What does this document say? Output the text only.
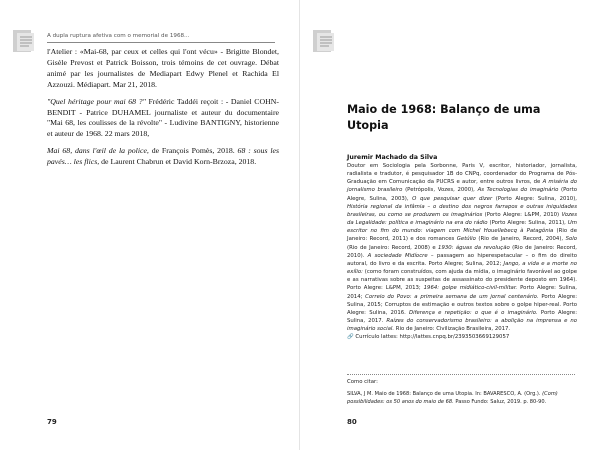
A dupla ruptura afetiva com o memorial de 1968...

l'Atelier : «Mai-68, par ceux et celles qui l'ont vécu» - Brigitte Blondet, Gisèle Prevost et Patrick Boisson, trois témoins de cet ouvrage. Débat animé par les journalistes de Mediapart Edwy Plenel et Rachida El Azzouzi. Médiapart. Mar 21, 2018.

"Quel héritage pour mai 68 ?" Frédéric Taddéi reçoit : - Daniel COHN-BENDIT - Patrice DUHAMEL journaliste et auteur du documentaire "Mai 68, les coulisses de la révolte" - Ludivine BANTIGNY, historienne et auteur de 1968. 22 mars 2018,

Mai 68, dans l'œil de la police, de François Pomès, 2018. 68 : sous les pavés… les flics, de Laurent Chabrun et David Korn-Brzoza, 2018.

79
Maio de 1968: Balanço de uma Utopia
Juremir Machado da Silva
Doutor em Sociologia pela Sorbonne, Paris V, escritor, historiador, jornalista, radialista e tradutor, é pesquisador 1B do CNPq, coordenador do Programa de Pós-Graduação em Comunicação da PUCRS e autor, entre outros livros, de A miséria do jornalismo brasileiro (Petrópolis, Vozes, 2000), As Tecnologias do imaginário (Porto Alegre, Sulina, 2003), O que pesquisar quer dizer (Porto Alegre: Sulina, 2010), História regional da infâmia – o destino dos negros farrapos e outras iniquidades brasileiras, ou como se produzem os imaginários (Porto Alegre: L&PM, 2010) Vozes da Legalidade: política e imaginário na era do rádio (Porto Alegre: Sulina, 2011), Um escritor no fim do mundo: viagem com Michel Houellebecq à Patagônia (Rio de Janeiro: Record, 2011) e dos romances Getúlio (Rio de Janeiro, Record, 2004), Solo (Rio de Janeiro: Record, 2008) e 1930: águas da revolução (Rio de Janeiro: Record, 2010). A sociedade Midíocre – passagem ao hiperespetacular – o fim do direito autoral, do livro e da escrita. Porto Alegre; Sulina, 2012; Jango, a vida e a morte no exílio: (como foram construídos, com ajuda da mídia, o imaginário favorável ao golpe e as narrativas sobre as suspeitas de assassinato do presidente deposto em 1964). Porto Alegre: L&PM, 2013; 1964: golpe midiático-civil-militar. Porto Alegre: Sulina, 2014; Correio do Povo: a primeira semana de um jornal centenário. Porto Alegre: Sulina, 2015; Corruptos de estimação e outros textos sobre o golpe hiper-real. Porto Alegre: Sulina, 2016. Diferença e repetição: o que é o imaginário. Porto Alegre: Sulina, 2017. Raízes do conservadorismo brasileiro: a abolição na imprensa e no imaginário social. Rio de Janeiro: Civilização Brasileira, 2017.
🔗 Currículo lattes: http://lattes.cnpq.br/2393503669129057
Como citar:
SILVA, J M. Maio de 1968: Balanço de uma Utopia. In: BAVARESCO, A. (Org.). (Com) possibilidades: os 50 anos do maio de 68. Passo Fundo: Saluz, 2019. p. 80-90.
80
